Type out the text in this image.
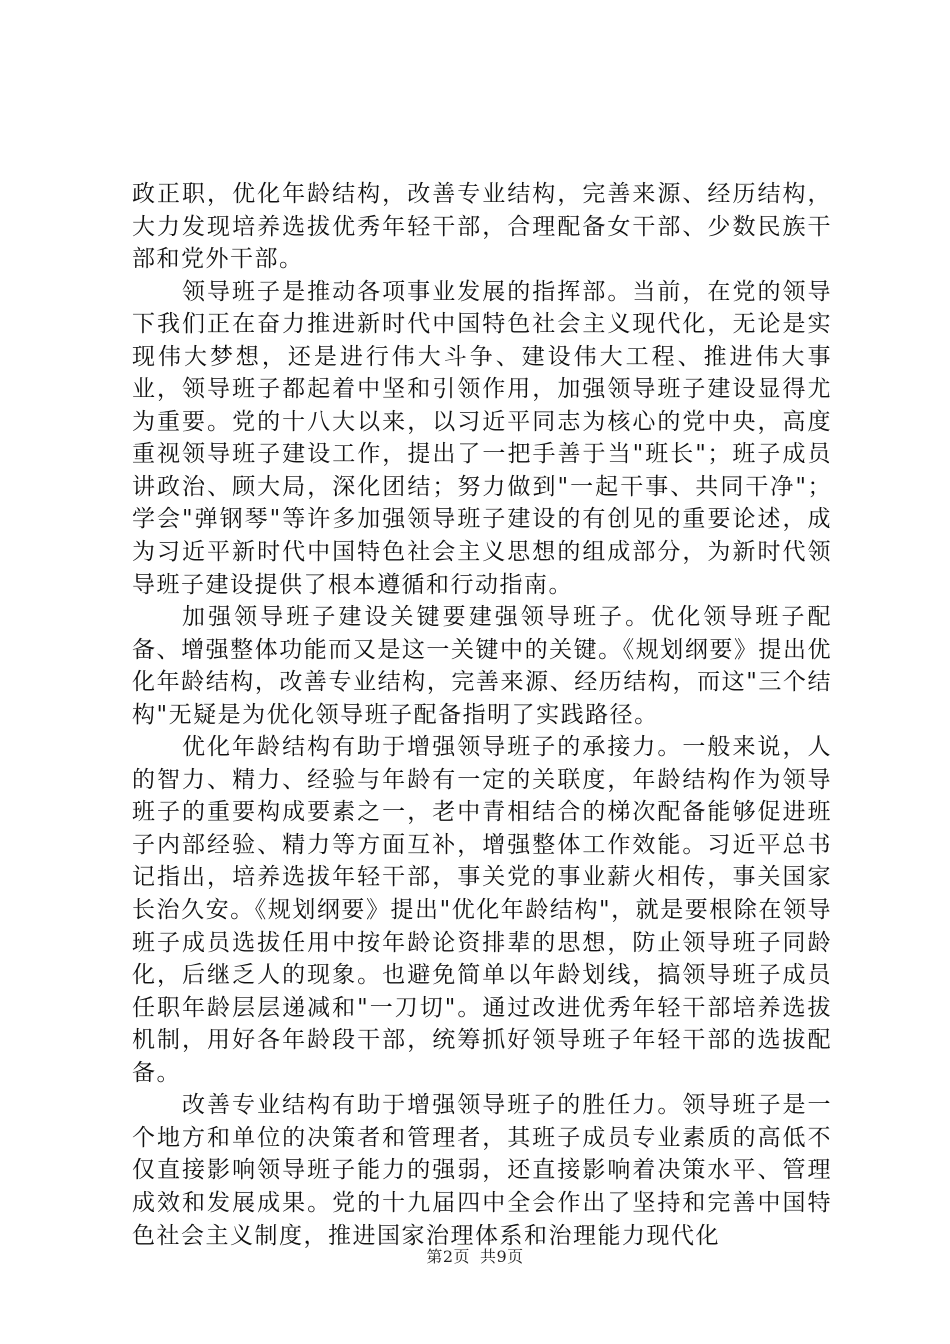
政正职，优化年龄结构，改善专业结构，完善来源、经历结构，大力发现培养选拔优秀年轻干部，合理配备女干部、少数民族干部和党外干部。

领导班子是推动各项事业发展的指挥部。当前，在党的领导下我们正在奋力推进新时代中国特色社会主义现代化，无论是实现伟大梦想，还是进行伟大斗争、建设伟大工程、推进伟大事业，领导班子都起着中坚和引领作用，加强领导班子建设显得尤为重要。党的十八大以来，以习近平同志为核心的党中央，高度重视领导班子建设工作，提出了一把手善于当"班长"；班子成员讲政治、顾大局，深化团结；努力做到"一起干事、共同干净"；学会"弹钢琴"等许多加强领导班子建设的有创见的重要论述，成为习近平新时代中国特色社会主义思想的组成部分，为新时代领导班子建设提供了根本遵循和行动指南。

加强领导班子建设关键要建强领导班子。优化领导班子配备、增强整体功能而又是这一关键中的关键。《规划纲要》提出优化年龄结构，改善专业结构，完善来源、经历结构，而这"三个结构"无疑是为优化领导班子配备指明了实践路径。

优化年龄结构有助于增强领导班子的承接力。一般来说，人的智力、精力、经验与年龄有一定的关联度，年龄结构作为领导班子的重要构成要素之一，老中青相结合的梯次配备能够促进班子内部经验、精力等方面互补，增强整体工作效能。习近平总书记指出，培养选拔年轻干部，事关党的事业薪火相传，事关国家长治久安。《规划纲要》提出"优化年龄结构"，就是要根除在领导班子成员选拔任用中按年龄论资排辈的思想，防止领导班子同龄化，后继乏人的现象。也避免简单以年龄划线，搞领导班子成员任职年龄层层递减和"一刀切"。通过改进优秀年轻干部培养选拔机制，用好各年龄段干部，统筹抓好领导班子年轻干部的选拔配备。

改善专业结构有助于增强领导班子的胜任力。领导班子是一个地方和单位的决策者和管理者，其班子成员专业素质的高低不仅直接影响领导班子能力的强弱，还直接影响着决策水平、管理成效和发展成果。党的十九届四中全会作出了坚持和完善中国特色社会主义制度，推进国家治理体系和治理能力现代化

第2页 共9页
